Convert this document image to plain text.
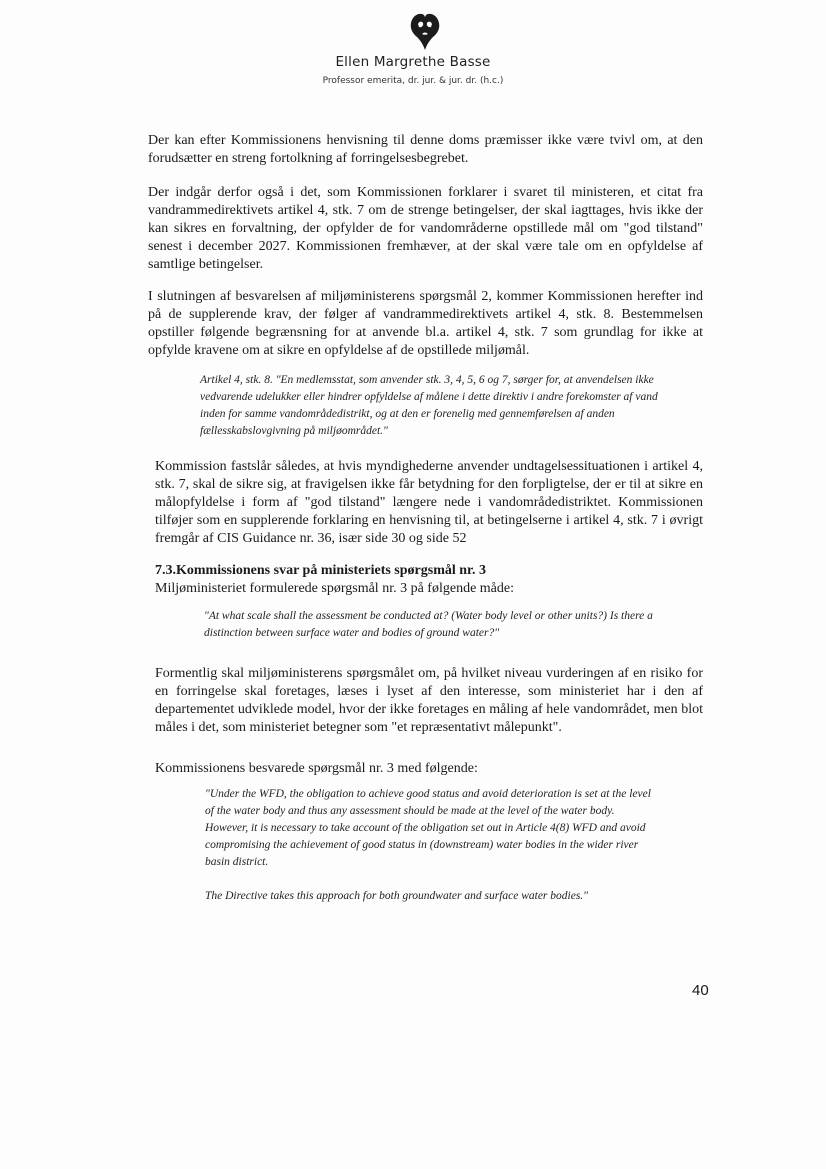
Ellen Margrethe Basse
Professor emerita, dr. jur. & jur. dr. (h.c.)

Der kan efter Kommissionens henvisning til denne doms præmisser ikke være tvivl om, at den forudsætter en streng fortolkning af forringelsesbegrebet.

Der indgår derfor også i det, som Kommissionen forklarer i svaret til ministeren, et citat fra vandrammedirektivets artikel 4, stk. 7 om de strenge betingelser, der skal iagttages, hvis ikke der kan sikres en forvaltning, der opfylder de for vandområderne opstillede mål om "god tilstand" senest i december 2027. Kommissionen fremhæver, at der skal være tale om en opfyldelse af samtlige betingelser.

I slutningen af besvarelsen af miljøministerens spørgsmål 2, kommer Kommissionen herefter ind på de supplerende krav, der følger af vandrammedirektivets artikel 4, stk. 8. Bestemmelsen opstiller følgende begrænsning for at anvende bl.a. artikel 4, stk. 7 som grundlag for ikke at opfylde kravene om at sikre en opfyldelse af de opstillede miljømål.

Artikel 4, stk. 8. "En medlemsstat, som anvender stk. 3, 4, 5, 6 og 7, sørger for, at anvendelsen ikke vedvarende udelukker eller hindrer opfyldelse af målene i dette direktiv i andre forekomster af vand inden for samme vandområdedistrikt, og at den er forenelig med gennemførelsen af anden fællesskabslovgivning på miljøområdet."

Kommission fastslår således, at hvis myndighederne anvender undtagelsessituationen i artikel 4, stk. 7, skal de sikre sig, at fravigelsen ikke får betydning for den forpligtelse, der er til at sikre en målopfyldelse i form af "god tilstand" længere nede i vandområdedistriktet. Kommissionen tilføjer som en supplerende forklaring en henvisning til, at betingelserne i artikel 4, stk. 7 i øvrigt fremgår af CIS Guidance nr. 36, især side 30 og side 52

7.3.Kommissionens svar på ministeriets spørgsmål nr. 3

Miljøministeriet formulerede spørgsmål nr. 3 på følgende måde:

"At what scale shall the assessment be conducted at? (Water body level or other units?) Is there a distinction between surface water and bodies of ground water?"

Formentlig skal miljøministerens spørgsmålet om, på hvilket niveau vurderingen af en risiko for en forringelse skal foretages, læses i lyset af den interesse, som ministeriet har i den af departementet udviklede model, hvor der ikke foretages en måling af hele vandområdet, men blot måles i det, som ministeriet betegner som "et repræsentativt målepunkt".

Kommissionens besvarede spørgsmål nr. 3 med følgende:

"Under the WFD, the obligation to achieve good status and avoid deterioration is set at the level of the water body and thus any assessment should be made at the level of the water body. However, it is necessary to take account of the obligation set out in Article 4(8) WFD and avoid compromising the achievement of good status in (downstream) water bodies in the wider river basin district.

The Directive takes this approach for both groundwater and surface water bodies."

40
